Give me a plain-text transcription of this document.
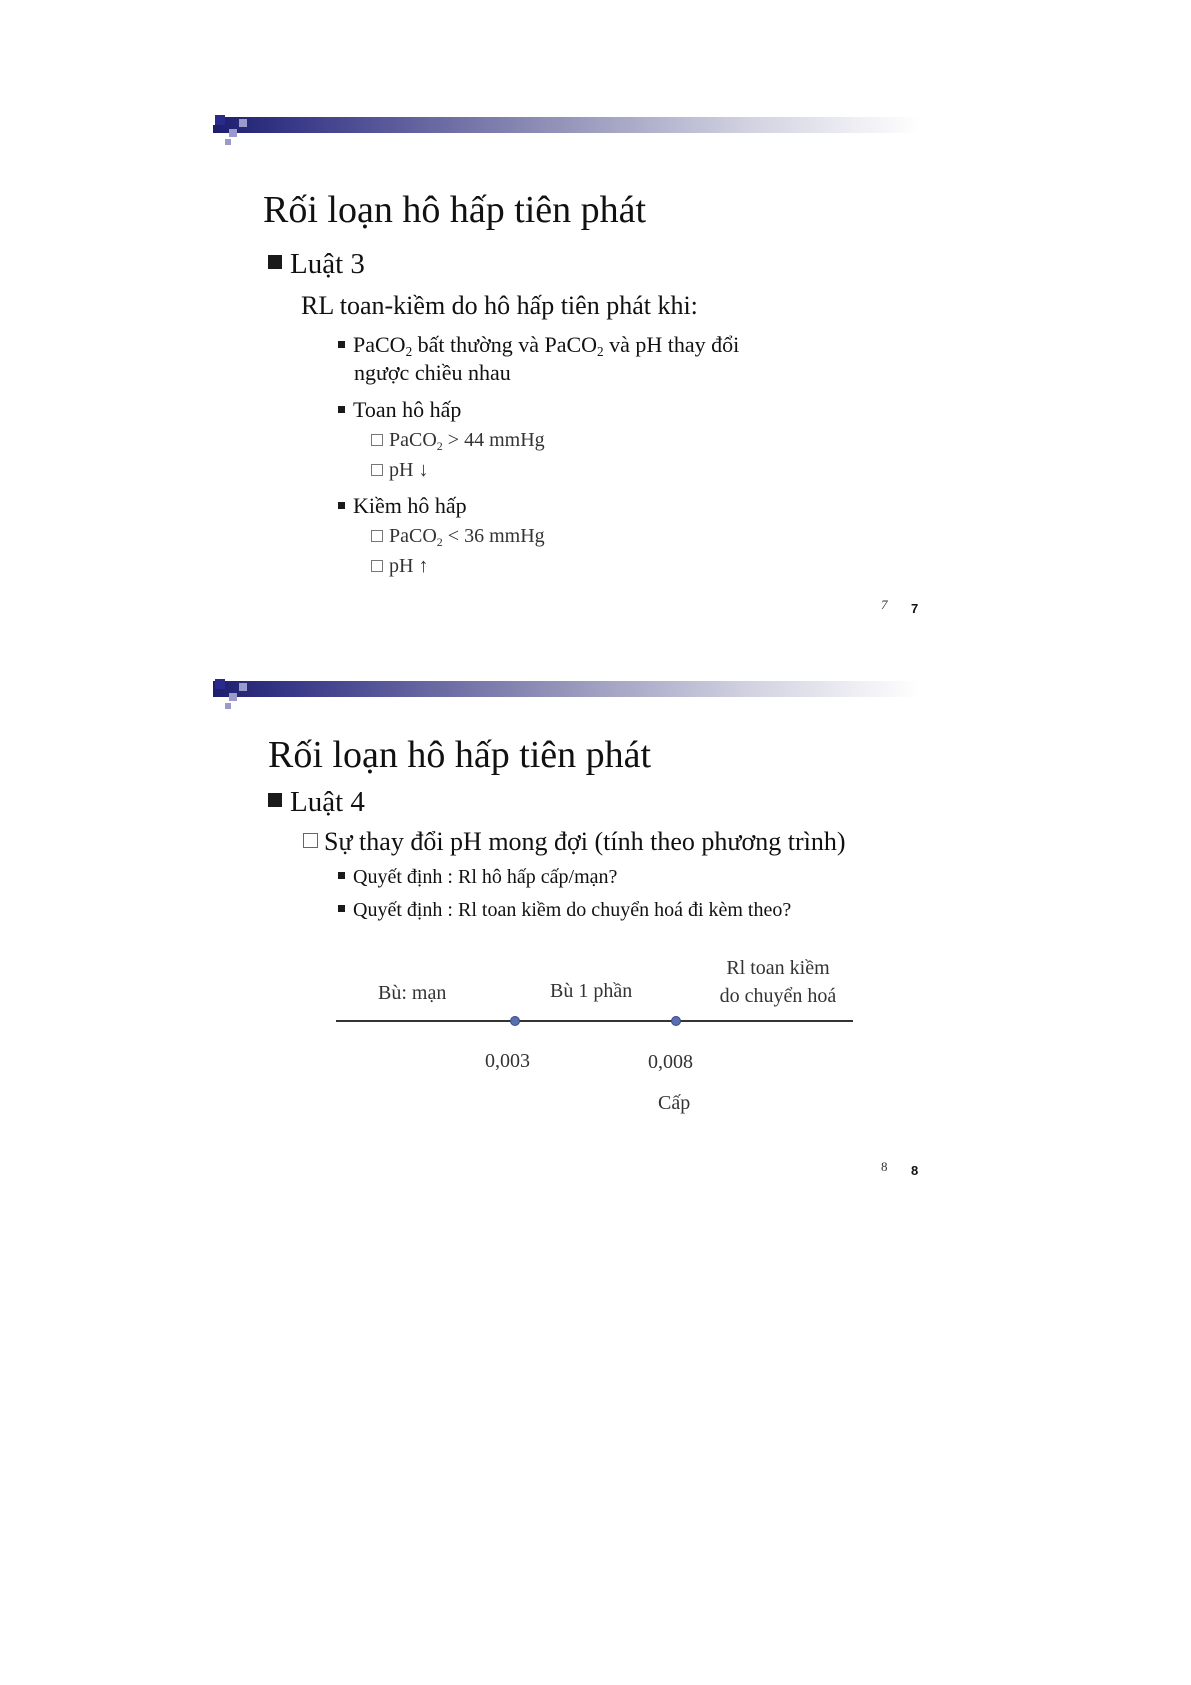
Rối loạn hô hấp tiên phát
Luật 3
RL toan-kiềm do hô hấp tiên phát khi:
PaCO$_2$ bất thường và PaCO$_2$ và pH thay đổi
ngược chiều nhau
Toan hô hấp
PaCO$_2$ > 44 mmHg
pH ↓
Kiềm hô hấp
PaCO$_2$ < 36 mmHg
pH ↑
7 7
Rối loạn hô hấp tiên phát
Luật 4
Sự thay đổi pH mong đợi (tính theo phương trình)
Quyết định : Rl hô hấp cấp/mạn?
Quyết định : Rl toan kiềm do chuyển hoá đi kèm theo?
Bù: mạn	Bù 1 phần
Rl toan kiềm
do chuyển hoá
0,003	0,008
Cấp
8 8
